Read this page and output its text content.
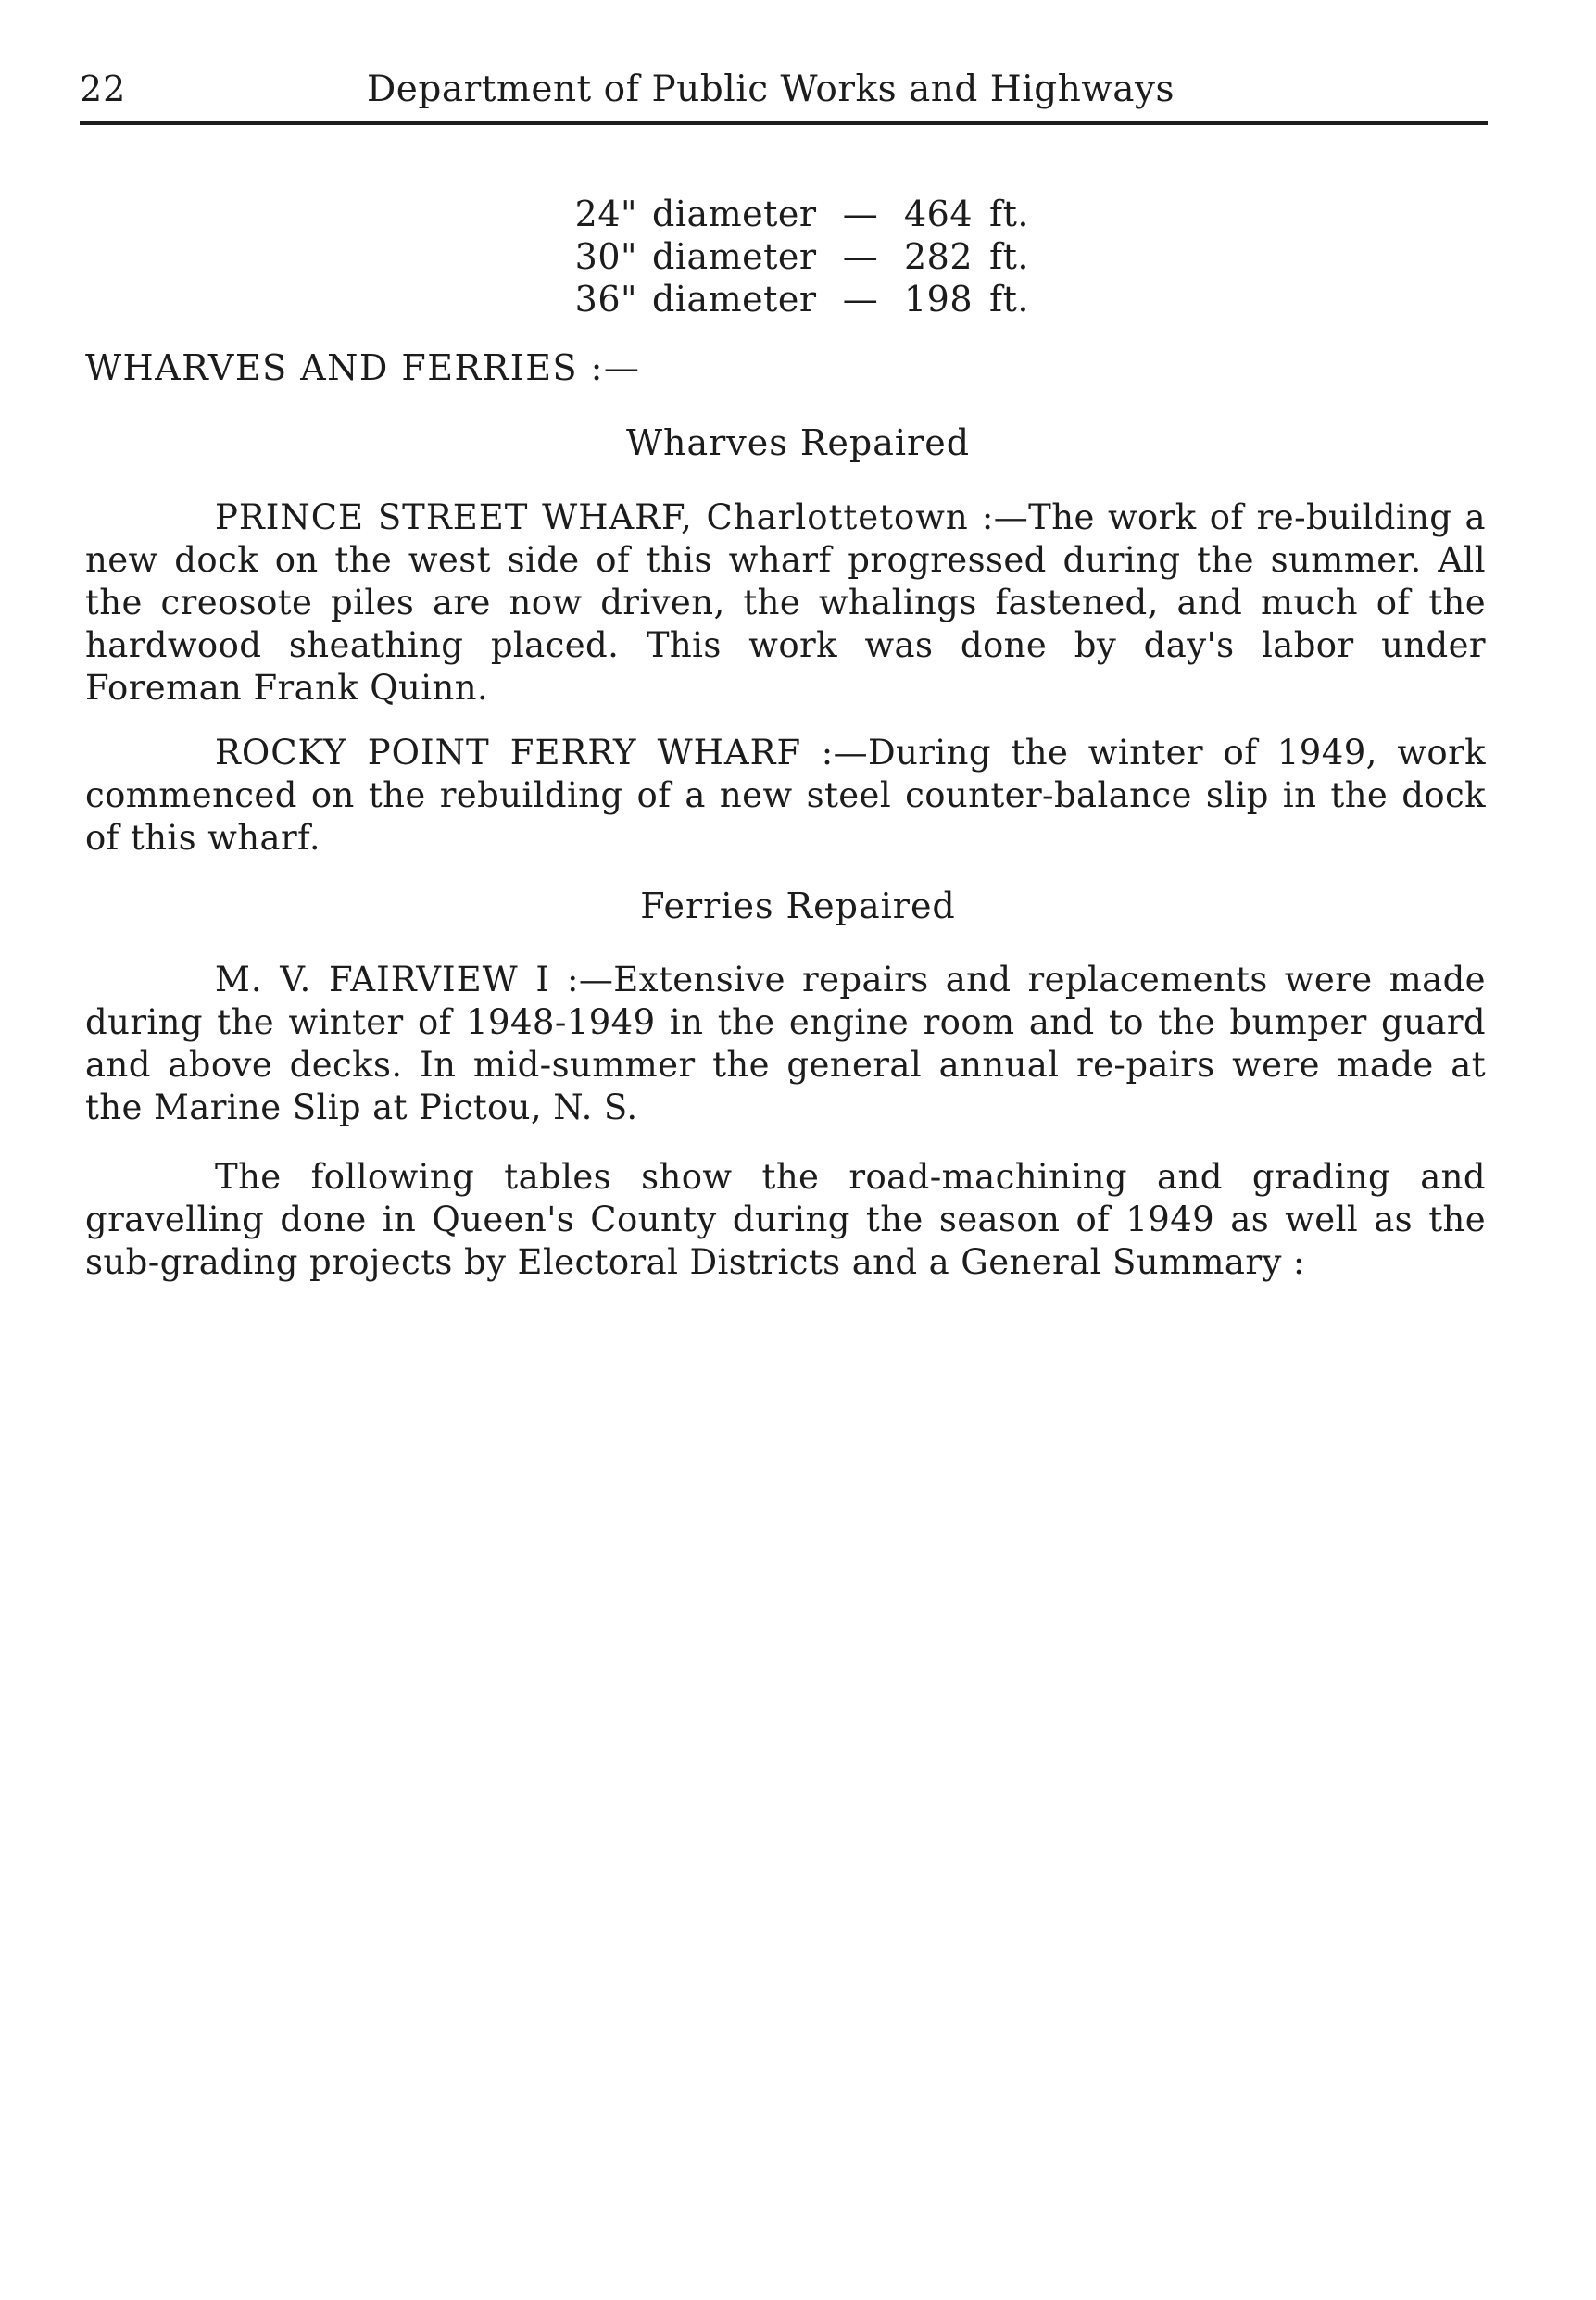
22	Department of Public Works and Highways
24" diameter — 464 ft.
30" diameter — 282 ft.
36" diameter — 198 ft.
WHARVES AND FERRIES :—
Wharves Repaired

PRINCE STREET WHARF, Charlottetown :—The work of re-building a new dock on the west side of this wharf progressed during the summer. All the creosote piles are now driven, the whalings fastened, and much of the hardwood sheathing placed. This work was done by day's labor under Foreman Frank Quinn.

ROCKY POINT FERRY WHARF :—During the winter of 1949, work commenced on the rebuilding of a new steel counter-balance slip in the dock of this wharf.

Ferries Repaired

M. V. FAIRVIEW I :—Extensive repairs and replacements were made during the winter of 1948-1949 in the engine room and to the bumper guard and above decks. In mid-summer the general annual re-pairs were made at the Marine Slip at Pictou, N. S.

The following tables show the road-machining and grading and gravelling done in Queen's County during the season of 1949 as well as the sub-grading projects by Electoral Districts and a General Summary :
